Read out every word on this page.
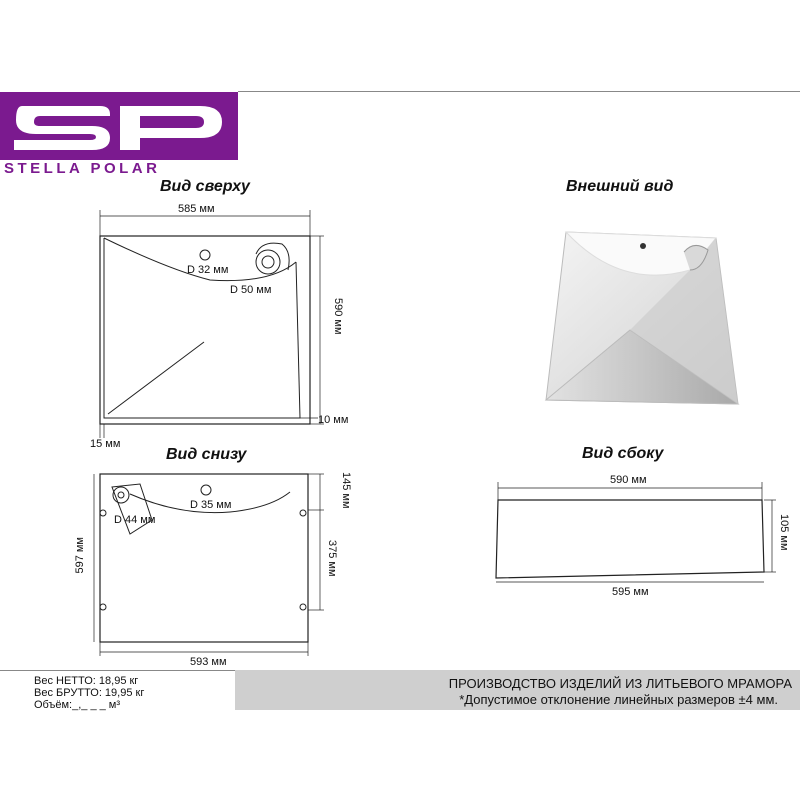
STELLA POLAR
Вид сверху
585 мм
590 мм
D 32 мм
D 50 мм
10 мм
15 мм
Внешний вид
Вид снизу
D 35 мм
D 44 мм
145 мм
375 мм
597 мм
593 мм
Вид сбоку
590 мм
105 мм
595 мм
Вес НЕТТО: 18,95 кг
Вес БРУТТО: 19,95 кг
Объём:_,_ _ _ м³
ПРОИЗВОДСТВО ИЗДЕЛИЙ ИЗ ЛИТЬЕВОГО МРАМОРА
*Допустимое отклонение линейных размеров ±4 мм.
